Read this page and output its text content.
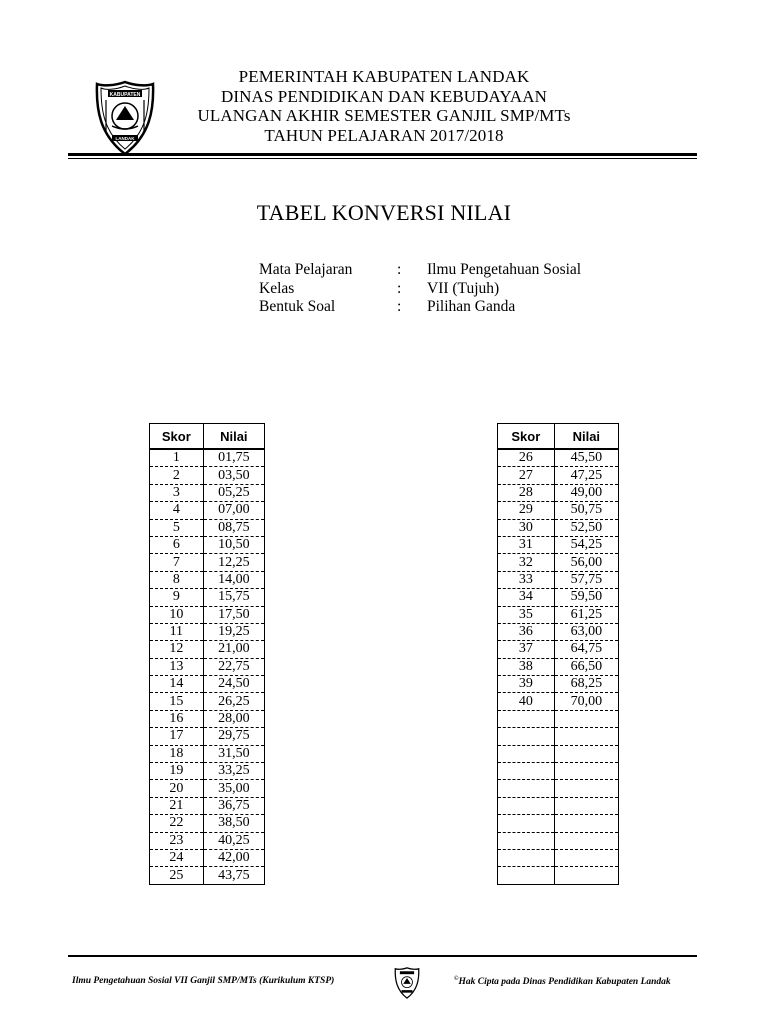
KABUPATEN
LANDAK
PEMERINTAH KABUPATEN LANDAK
DINAS PENDIDIKAN DAN KEBUDAYAAN
ULANGAN AKHIR SEMESTER GANJIL SMP/MTs
TAHUN PELAJARAN 2017/2018
TABEL KONVERSI NILAI
Mata Pelajaran	:	Ilmu Pengetahuan Sosial
Kelas	:	VII (Tujuh)
Bentuk Soal	:	Pilihan Ganda
Skor	Nilai
1	01,75
2	03,50
3	05,25
4	07,00
5	08,75
6	10,50
7	12,25
8	14,00
9	15,75
10	17,50
11	19,25
12	21,00
13	22,75
14	24,50
15	26,25
16	28,00
17	29,75
18	31,50
19	33,25
20	35,00
21	36,75
22	38,50
23	40,25
24	42,00
25	43,75
Skor	Nilai
26	45,50
27	47,25
28	49,00
29	50,75
30	52,50
31	54,25
32	56,00
33	57,75
34	59,50
35	61,25
36	63,00
37	64,75
38	66,50
39	68,25
40	70,00

Ilmu Pengetahuan Sosial VII Ganjil SMP/MTs (Kurikulum KTSP)	©Hak Cipta pada Dinas Pendidikan Kabupaten Landak
